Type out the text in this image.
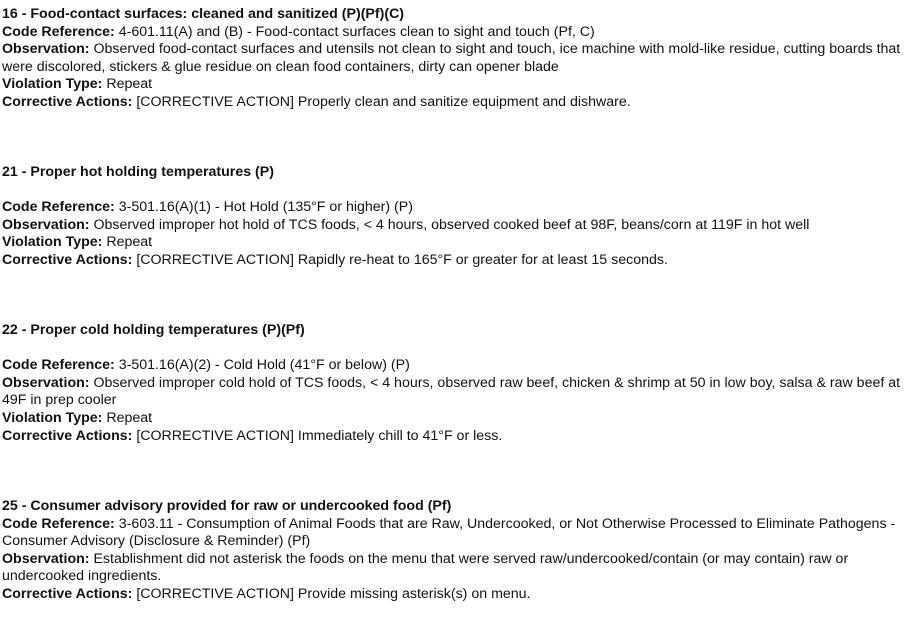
16 - Food-contact surfaces: cleaned and sanitized (P)(Pf)(C)
Code Reference: 4-601.11(A) and (B) - Food-contact surfaces clean to sight and touch (Pf, C)
Observation: Observed food-contact surfaces and utensils not clean to sight and touch, ice machine with mold-like residue, cutting boards that were discolored, stickers & glue residue on clean food containers, dirty can opener blade
Violation Type: Repeat
Corrective Actions: [CORRECTIVE ACTION] Properly clean and sanitize equipment and dishware.
21 - Proper hot holding temperatures (P)
Code Reference: 3-501.16(A)(1) - Hot Hold (135°F or higher) (P)
Observation: Observed improper hot hold of TCS foods, < 4 hours, observed cooked beef at 98F, beans/corn at 119F in hot well
Violation Type: Repeat
Corrective Actions: [CORRECTIVE ACTION] Rapidly re-heat to 165°F or greater for at least 15 seconds.
22 - Proper cold holding temperatures (P)(Pf)
Code Reference: 3-501.16(A)(2) - Cold Hold (41°F or below) (P)
Observation: Observed improper cold hold of TCS foods, < 4 hours, observed raw beef, chicken & shrimp at 50 in low boy, salsa & raw beef at 49F in prep cooler
Violation Type: Repeat
Corrective Actions: [CORRECTIVE ACTION] Immediately chill to 41°F or less.
25 - Consumer advisory provided for raw or undercooked food (Pf)
Code Reference: 3-603.11 - Consumption of Animal Foods that are Raw, Undercooked, or Not Otherwise Processed to Eliminate Pathogens - Consumer Advisory (Disclosure & Reminder) (Pf)
Observation: Establishment did not asterisk the foods on the menu that were served raw/undercooked/contain (or may contain) raw or undercooked ingredients.
Corrective Actions: [CORRECTIVE ACTION] Provide missing asterisk(s) on menu.
